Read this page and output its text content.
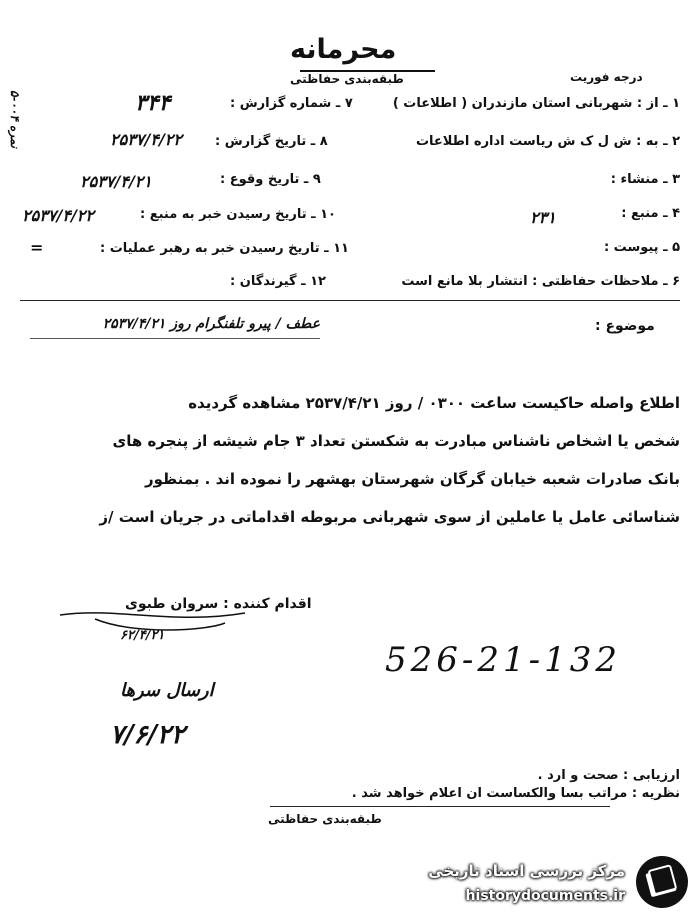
محرمانه
طبقه‌بندی حفاظتی	درجه فوریت
نمره ۰۰۴-۵
۱ ـ از : شهربانی استان مازندران ( اطلاعات )
۲ ـ به : ش ل ک ش ریاست اداره اطلاعات
۳ ـ منشاء :
۴ ـ منبع :
۲۳۱
۵ ـ پیوست :
۶ ـ ملاحظات حفاظتی : انتشار بلا مانع است
۷ ـ شماره گزارش :
۳۴۴
۸ ـ تاریخ گزارش :
۲۵۳۷/۴/۲۲
۹ ـ تاریخ وقوع :
۲۵۳۷/۴/۲۱
۱۰ ـ تاریخ رسیدن خبر به منبع :
۲۵۳۷/۴/۲۲
۱۱ ـ تاریخ رسیدن خبر به رهبر عملیات :
=
۱۲ ـ گیرندگان :
موضوع :
عطف / پیرو تلفنگرام روز ۲۵۳۷/۴/۲۱
اطلاع واصله حاکیست ساعت ۰۳۰۰ / روز ۲۵۳۷/۴/۲۱ مشاهده گردیده
شخص یا اشخاص ناشناس مبادرت به شکستن تعداد ۳ جام شیشه از پنجره های
بانک صادرات شعبه خیابان گرگان شهرستان بهشهر را نموده اند . بمنظور
شناسائی عامل یا عاملین از سوی شهربانی مربوطه اقداماتی در جریان است /ز
اقدام کننده : سروان طبوی
۶۲/۴/۲۱
ارسال سرها
۷/۶/۲۲
526-21-132
ارزیابی : صحت و ارد .
نظریه : مراتب بسا والکساست ان اعلام خواهد شد .
طبقه‌بندی حفاظتی
مرکز بررسی اسناد تاریخی
historydocuments.ir
